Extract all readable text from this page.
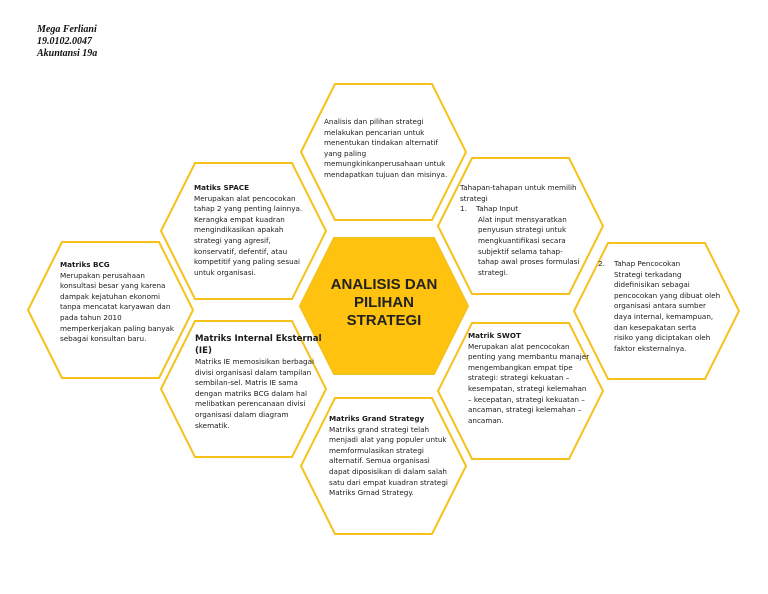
Mega Ferliani
19.0102.0047
Akuntansi 19a
ANALISIS DAN
PILIHAN
STRATEGI
Analisis dan pilihan strategi
melakukan pencarian untuk
menentukan tindakan alternatif
yang paling
memungkinkanperusahaan untuk
mendapatkan tujuan dan misinya.
Matiks SPACE
Merupakan alat pencocokan
tahap 2 yang penting lainnya.
Kerangka empat kuadran
mengindikasikan apakah
strategi yang agresif,
konservatif, defentif, atau
kompetitif yang paling sesuai
untuk organisasi.
Matriks BCG
Merupakan perusahaan
konsultasi besar yang karena
dampak kejatuhan ekonomi
tanpa mencatat karyawan dan
pada tahun 2010
memperkerjakan paling banyak
sebagai konsultan baru.	Matriks Internal Eksternal
(IE)
Matriks IE memosisikan berbagai
divisi organisasi dalam tampilan
sembilan-sel. Matris IE sama
dengan matriks BCG dalam hal
melibatkan perencanaan divisi
organisasi dalam diagram
skematik.
Tahapan-tahapan untuk memilih
strategi
1. Tahap Input
Alat input mensyaratkan
penyusun strategi untuk
mengkuantifikasi secara
subjektif selama tahap-
tahap awal proses formulasi
strategi.
2. Tahap Pencocokan
Strategi terkadang
didefinisikan sebagai
pencocokan yang dibuat oleh
organisasi antara sumber
daya internal, kemampuan,
dan kesepakatan serta
risiko yang diciptakan oleh
faktor eksternalnya.
Matrik SWOT
Merupakan alat pencocokan
penting yang membantu manajer
mengembangkan empat tipe
strategi: strategi kekuatan –
kesempatan, strategi kelemahan
– kecepatan, strategi kekuatan –
ancaman, strategi kelemahan –
ancaman.
Matriks Grand Strategy
Matriks grand strategi telah
menjadi alat yang populer untuk
memformulasikan strategi
alternatif. Semua organisasi
dapat diposisikan di dalam salah
satu dari empat kuadran strategi
Matriks Grnad Strategy.
